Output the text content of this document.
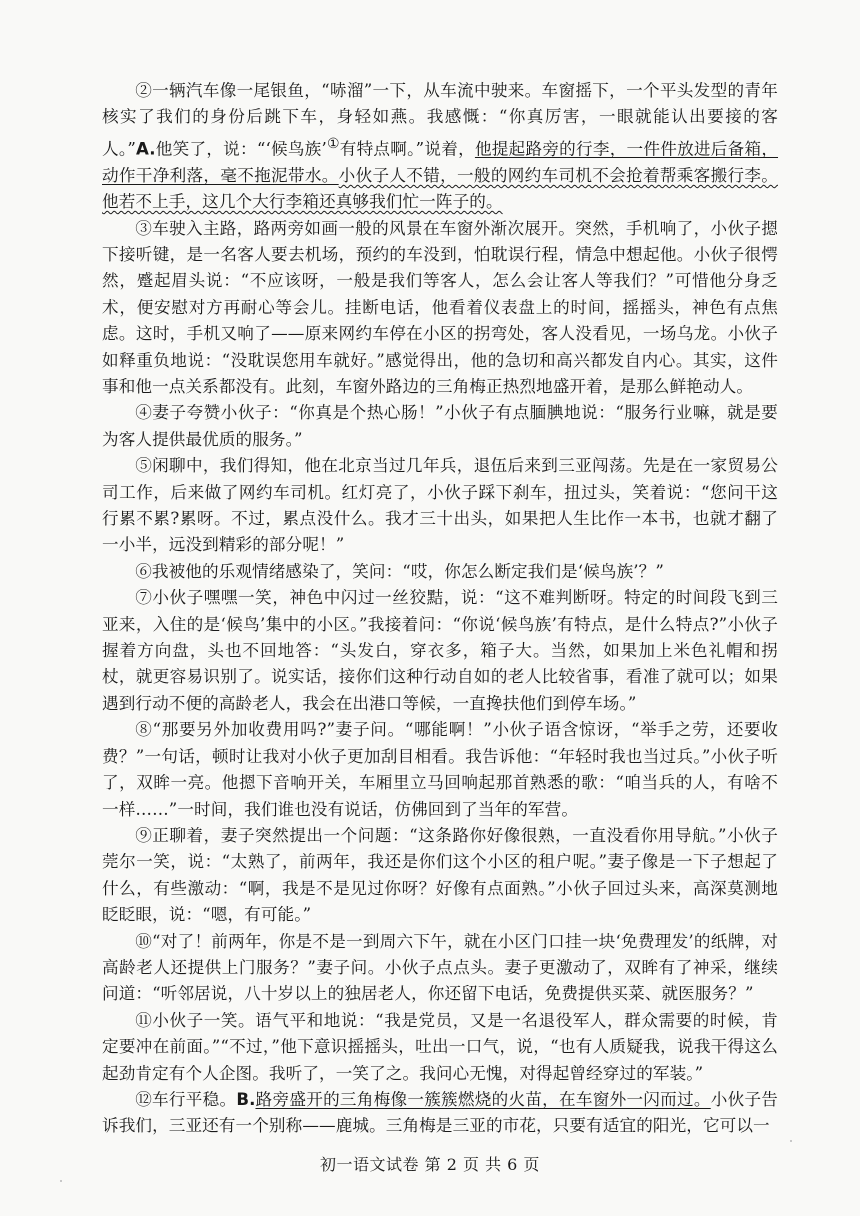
②一辆汽车像一尾银鱼，“哧溜”一下，从车流中驶来。车窗摇下，一个平头发型的青年核实了我们的身份后跳下车，身轻如燕。我感慨：“你真厉害，一眼就能认出要接的客人。”A.他笑了，说：“‘候鸟族’①有特点啊。”说着，他提起路旁的行李，一件件放进后备箱，动作干净利落，毫不拖泥带水。小伙子人不错，一般的网约车司机不会抢着帮乘客搬行李。他若不上手，这几个大行李箱还真够我们忙一阵子的。

③车驶入主路，路两旁如画一般的风景在车窗外渐次展开。突然，手机响了，小伙子摁下接听键，是一名客人要去机场，预约的车没到，怕耽误行程，情急中想起他。小伙子很愕然，蹙起眉头说：“不应该呀，一般是我们等客人，怎么会让客人等我们？”可惜他分身乏术，便安慰对方再耐心等会儿。挂断电话，他看着仪表盘上的时间，摇摇头，神色有点焦虑。这时，手机又响了——原来网约车停在小区的拐弯处，客人没看见，一场乌龙。小伙子如释重负地说：“没耽误您用车就好。”感觉得出，他的急切和高兴都发自内心。其实，这件事和他一点关系都没有。此刻，车窗外路边的三角梅正热烈地盛开着，是那么鲜艳动人。

④妻子夸赞小伙子：“你真是个热心肠！”小伙子有点腼腆地说：“服务行业嘛，就是要为客人提供最优质的服务。”

⑤闲聊中，我们得知，他在北京当过几年兵，退伍后来到三亚闯荡。先是在一家贸易公司工作，后来做了网约车司机。红灯亮了，小伙子踩下刹车，扭过头，笑着说：“您问干这行累不累?累呀。不过，累点没什么。我才三十出头，如果把人生比作一本书，也就才翻了一小半，远没到精彩的部分呢！”

⑥我被他的乐观情绪感染了，笑问：“哎，你怎么断定我们是‘候鸟族’？”

⑦小伙子嘿嘿一笑，神色中闪过一丝狡黠，说：“这不难判断呀。特定的时间段飞到三亚来，入住的是‘候鸟’集中的小区。”我接着问：“你说‘候鸟族’有特点，是什么特点?”小伙子握着方向盘，头也不回地答：“头发白，穿衣多，箱子大。当然，如果加上米色礼帽和拐杖，就更容易识别了。说实话，接你们这种行动自如的老人比较省事，看准了就可以；如果遇到行动不便的高龄老人，我会在出港口等候，一直搀扶他们到停车场。”

⑧“那要另外加收费用吗?”妻子问。“哪能啊！”小伙子语含惊讶，“举手之劳，还要收费？”一句话，顿时让我对小伙子更加刮目相看。我告诉他：“年轻时我也当过兵。”小伙子听了，双眸一亮。他摁下音响开关，车厢里立马回响起那首熟悉的歌：“咱当兵的人，有啥不一样……”一时间，我们谁也没有说话，仿佛回到了当年的军营。

⑨正聊着，妻子突然提出一个问题：“这条路你好像很熟，一直没看你用导航。”小伙子莞尔一笑，说：“太熟了，前两年，我还是你们这个小区的租户呢。”妻子像是一下子想起了什么，有些激动：“啊，我是不是见过你呀？好像有点面熟。”小伙子回过头来，高深莫测地眨眨眼，说：“嗯，有可能。”

⑩“对了！前两年，你是不是一到周六下午，就在小区门口挂一块‘免费理发’的纸牌，对高龄老人还提供上门服务？”妻子问。小伙子点点头。妻子更激动了，双眸有了神采，继续问道：“听邻居说，八十岁以上的独居老人，你还留下电话，免费提供买菜、就医服务？”

⑪小伙子一笑。语气平和地说：“我是党员，又是一名退役军人，群众需要的时候，肯定要冲在前面。”“不过，”他下意识摇摇头，吐出一口气，说，“也有人质疑我，说我干得这么起劲肯定有个人企图。我听了，一笑了之。我问心无愧，对得起曾经穿过的军装。”

⑫车行平稳。B.路旁盛开的三角梅像一簇簇燃烧的火苗，在车窗外一闪而过。小伙子告诉我们，三亚还有一个别称——鹿城。三角梅是三亚的市花，只要有适宜的阳光，它可以一

初一语文试卷 第 2 页 共 6 页
